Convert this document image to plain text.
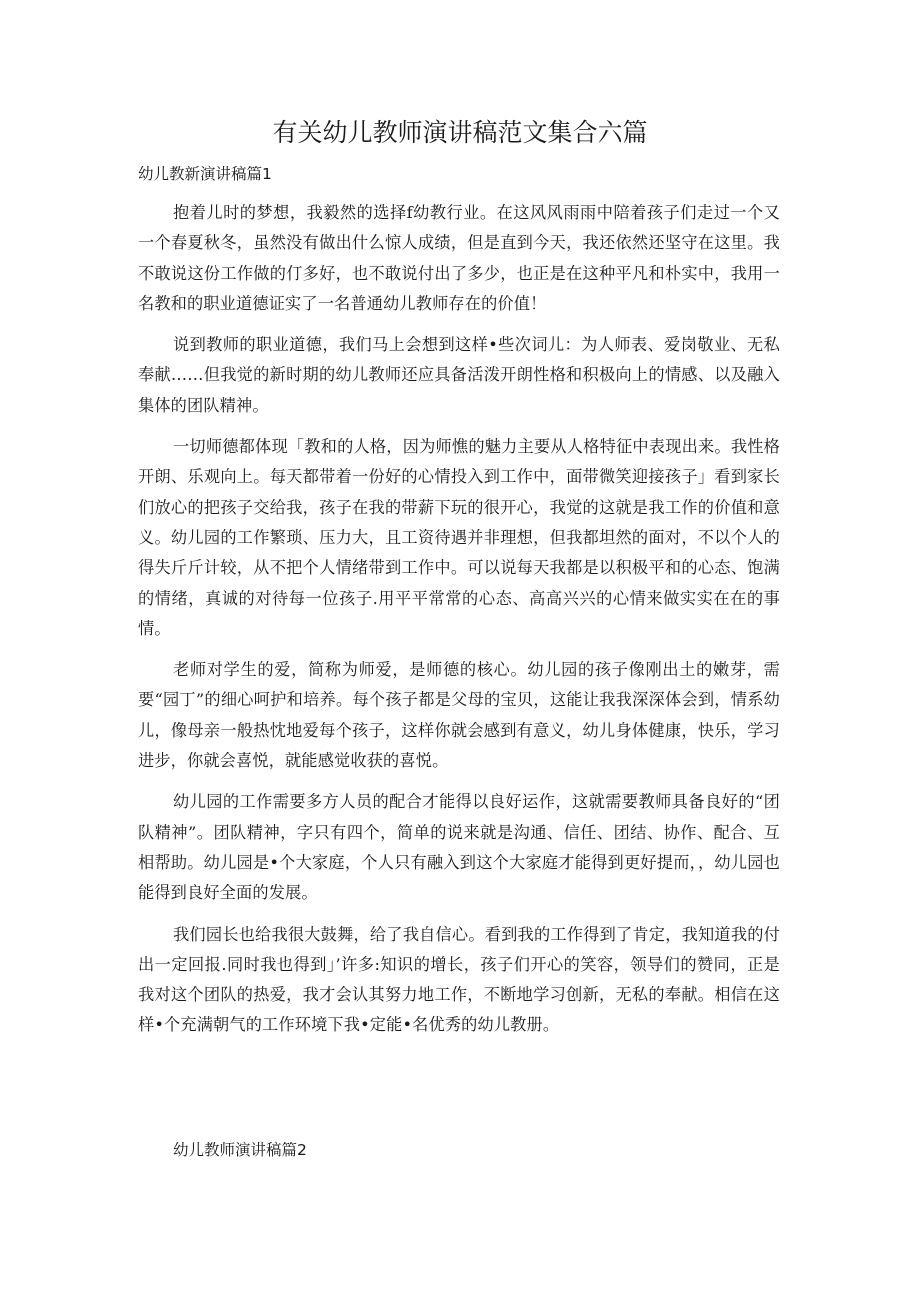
有关幼儿教师演讲稿范文集合六篇
幼儿教新演讲稿篇1

抱着儿时的梦想，我毅然的选择f幼教行业。在这风风雨雨中陪着孩子们走过一个又一个春夏秋冬，虽然没有做出什么惊人成绩，但是直到今天，我还依然还坚守在这里。我不敢说这份工作做的仃多好，也不敢说付出了多少，也正是在这种平凡和朴实中，我用一名教和的职业道德证实了一名普通幼儿教师存在的价值！

说到教师的职业道德，我们马上会想到这样•些次词儿：为人师表、爱岗敬业、无私奉献……但我觉的新时期的幼儿教师还应具备活泼开朗性格和积极向上的情感、以及融入集体的团队精神。

一切师德都体现「教和的人格，因为师憔的魅力主要从人格特征中表现出来。我性格开朗、乐观向上。每天都带着一份好的心情投入到工作中，面带微笑迎接孩子」看到家长们放心的把孩子交给我，孩子在我的带薪下玩的很开心，我觉的这就是我工作的价值和意义。幼儿园的工作繁琐、压力大，且工资待遇并非理想，但我都坦然的面对，不以个人的得失斤斤计较，从不把个人情绪带到工作中。可以说每天我都是以积极平和的心态、饱满的情绪，真诚的对待每一位孩子.用平平常常的心态、高高兴兴的心情来做实实在在的事情。

老师对学生的爱，简称为师爱，是师德的核心。幼儿园的孩子像刚出土的嫩芽，需要“园丁”的细心呵护和培养。每个孩子都是父母的宝贝，这能让我我深深体会到，情系幼儿，像母亲一般热忱地爱每个孩子，这样你就会感到有意义，幼儿身体健康，快乐，学习进步，你就会喜悦，就能感觉收获的喜悦。

幼儿园的工作需要多方人员的配合才能得以良好运作，这就需要教师具备良好的“团队精神”。团队精神，字只有四个，简单的说来就是沟通、信任、团结、协作、配合、互相帮助。幼儿园是•个大家庭，个人只有融入到这个大家庭才能得到更好提而，，幼儿园也能得到良好全面的发展。

我们园长也给我很大鼓舞，给了我自信心。看到我的工作得到了肯定，我知道我的付出一定回报.同时我也得到」’许多:知识的增长，孩子们开心的笑容，领导们的赞同，正是我对这个团队的热爱，我才会认其努力地工作，不断地学习创新，无私的奉献。相信在这样•个充满朝气的工作环境下我•定能•名优秀的幼儿教册。

幼儿教师演讲稿篇2
